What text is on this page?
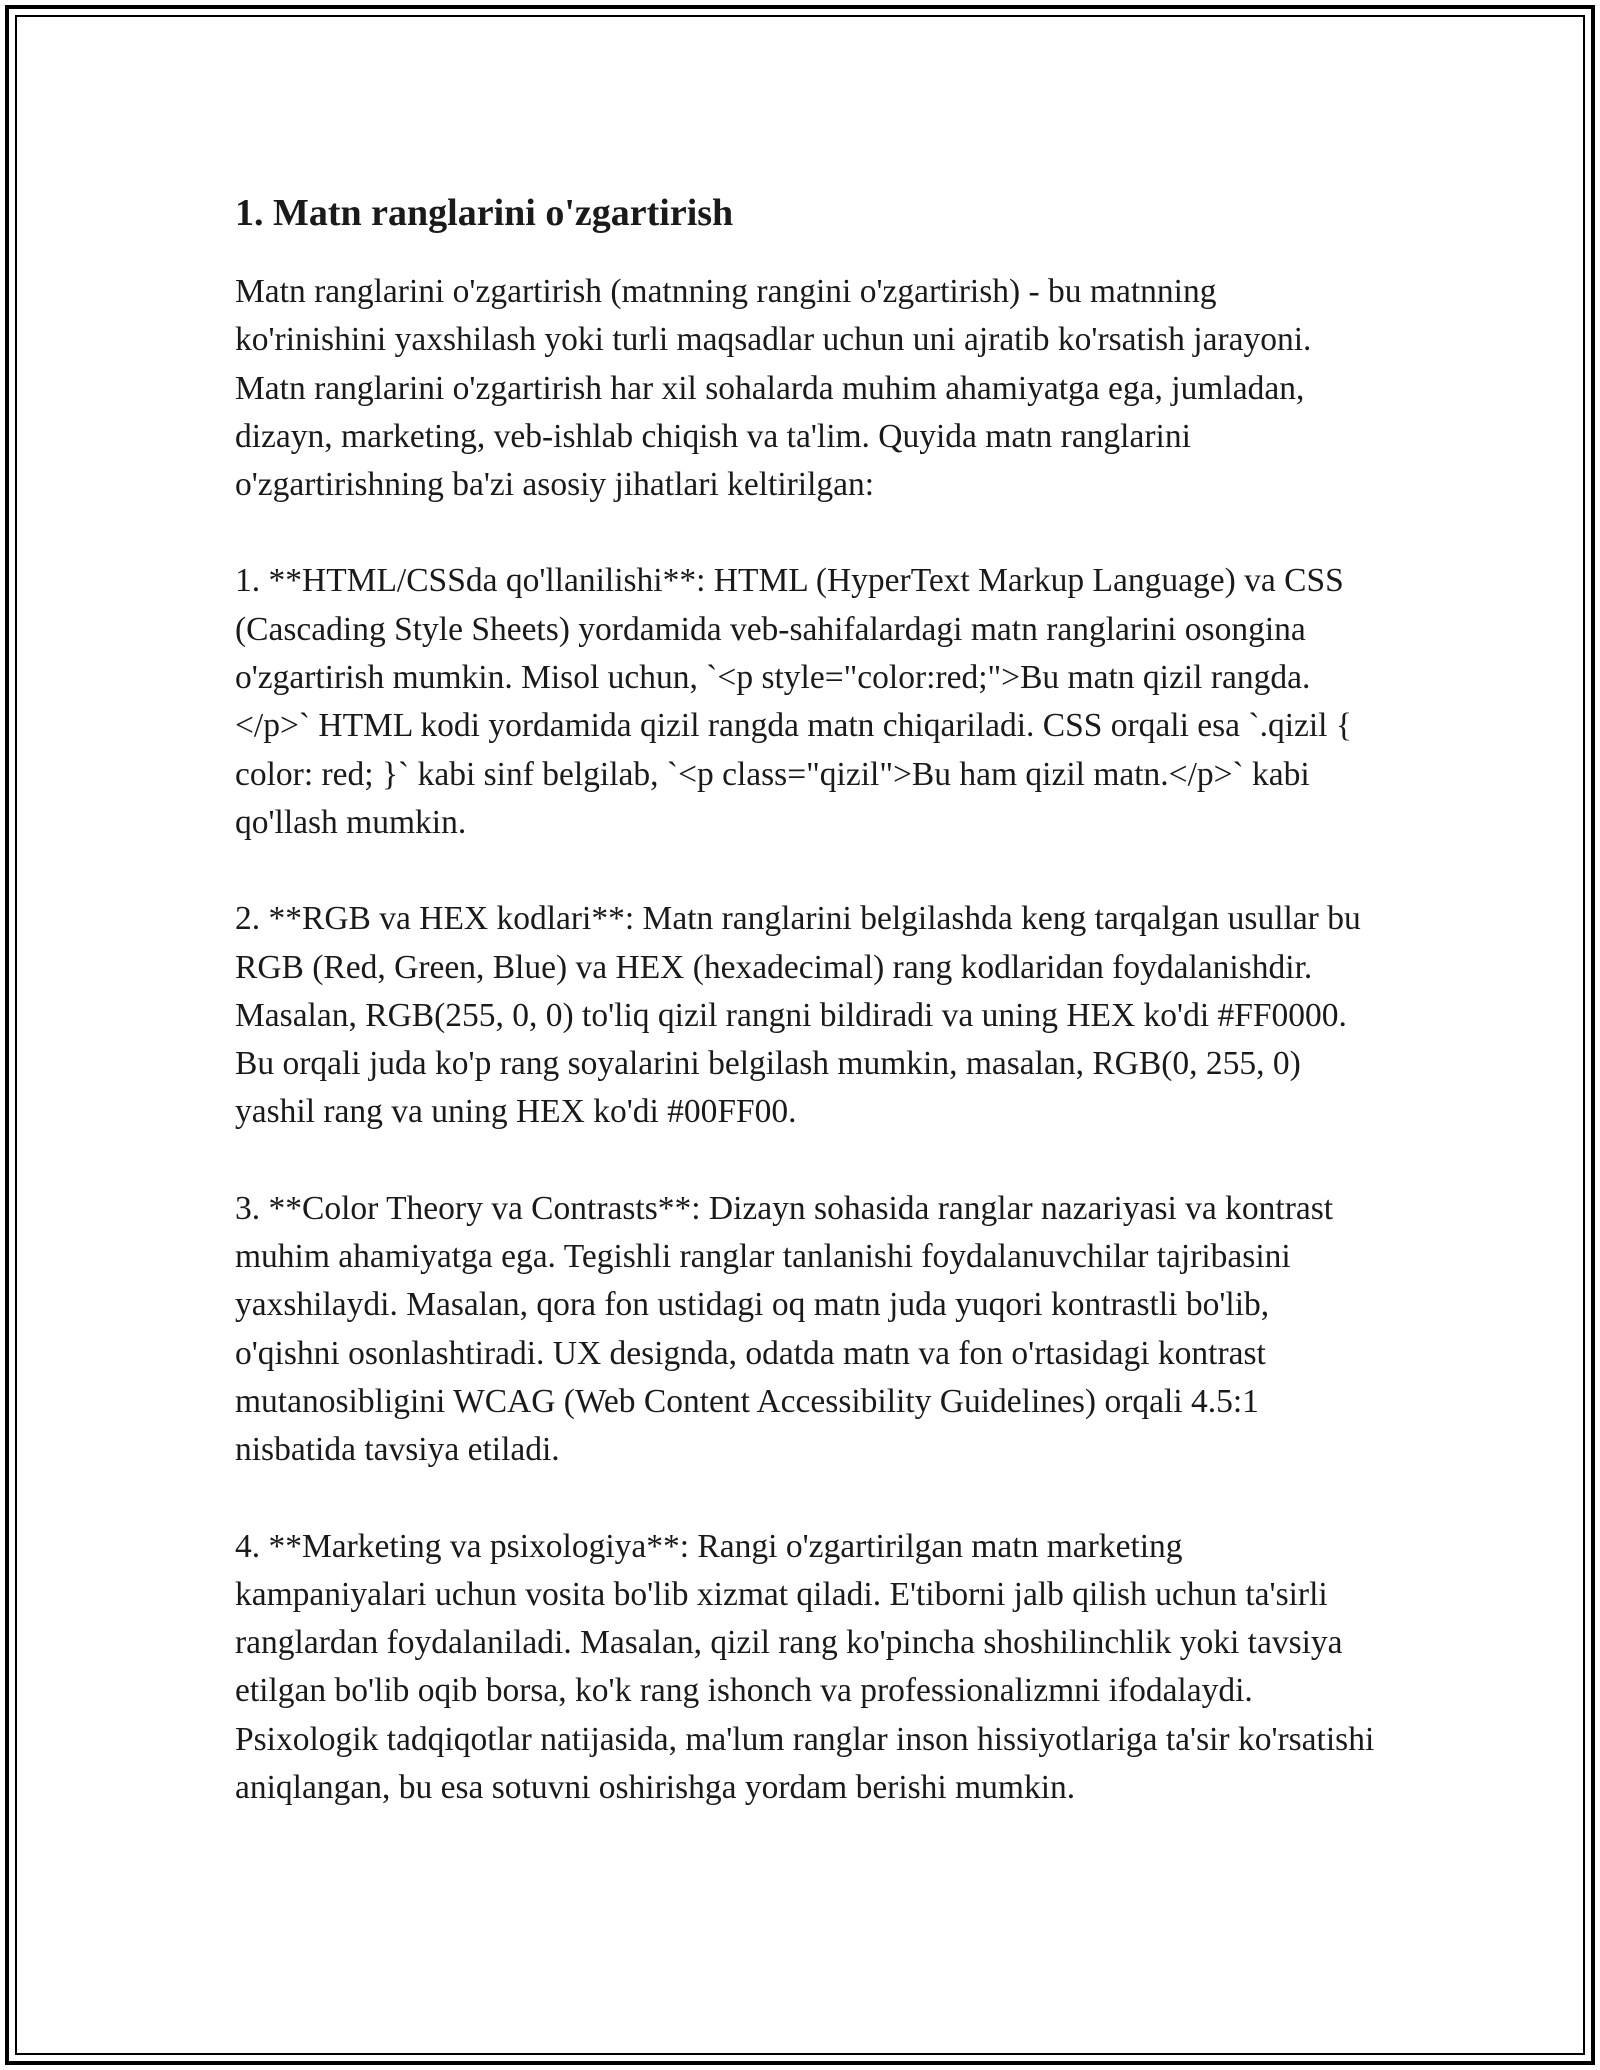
1. Matn ranglarini o'zgartirish

Matn ranglarini o'zgartirish (matnning rangini o'zgartirish) - bu matnning ko'rinishini yaxshilash yoki turli maqsadlar uchun uni ajratib ko'rsatish jarayoni. Matn ranglarini o'zgartirish har xil sohalarda muhim ahamiyatga ega, jumladan, dizayn, marketing, veb-ishlab chiqish va ta'lim. Quyida matn ranglarini o'zgartirishning ba'zi asosiy jihatlari keltirilgan:

1. **HTML/CSSda qo'llanilishi**: HTML (HyperText Markup Language) va CSS (Cascading Style Sheets) yordamida veb-sahifalardagi matn ranglarini osongina o'zgartirish mumkin. Misol uchun, `<p style="color:red;">Bu matn qizil rangda.</p>` HTML kodi yordamida qizil rangda matn chiqariladi. CSS orqali esa `.qizil { color: red; }` kabi sinf belgilab, `<p class="qizil">Bu ham qizil matn.</p>` kabi qo'llash mumkin.

2. **RGB va HEX kodlari**: Matn ranglarini belgilashda keng tarqalgan usullar bu RGB (Red, Green, Blue) va HEX (hexadecimal) rang kodlaridan foydalanishdir. Masalan, RGB(255, 0, 0) to'liq qizil rangni bildiradi va uning HEX ko'di #FF0000. Bu orqali juda ko'p rang soyalarini belgilash mumkin, masalan, RGB(0, 255, 0) yashil rang va uning HEX ko'di #00FF00.

3. **Color Theory va Contrasts**: Dizayn sohasida ranglar nazariyasi va kontrast muhim ahamiyatga ega. Tegishli ranglar tanlanishi foydalanuvchilar tajribasini yaxshilaydi. Masalan, qora fon ustidagi oq matn juda yuqori kontrastli bo'lib, o'qishni osonlashtiradi. UX designda, odatda matn va fon o'rtasidagi kontrast mutanosibligini WCAG (Web Content Accessibility Guidelines) orqali 4.5:1 nisbatida tavsiya etiladi.

4. **Marketing va psixologiya**: Rangi o'zgartirilgan matn marketing kampaniyalari uchun vosita bo'lib xizmat qiladi. E'tiborni jalb qilish uchun ta'sirli ranglardan foydalaniladi. Masalan, qizil rang ko'pincha shoshilinchlik yoki tavsiya etilgan bo'lib oqib borsa, ko'k rang ishonch va professionalizmni ifodalaydi. Psixologik tadqiqotlar natijasida, ma'lum ranglar inson hissiyotlariga ta'sir ko'rsatishi aniqlangan, bu esa sotuvni oshirishga yordam berishi mumkin.
